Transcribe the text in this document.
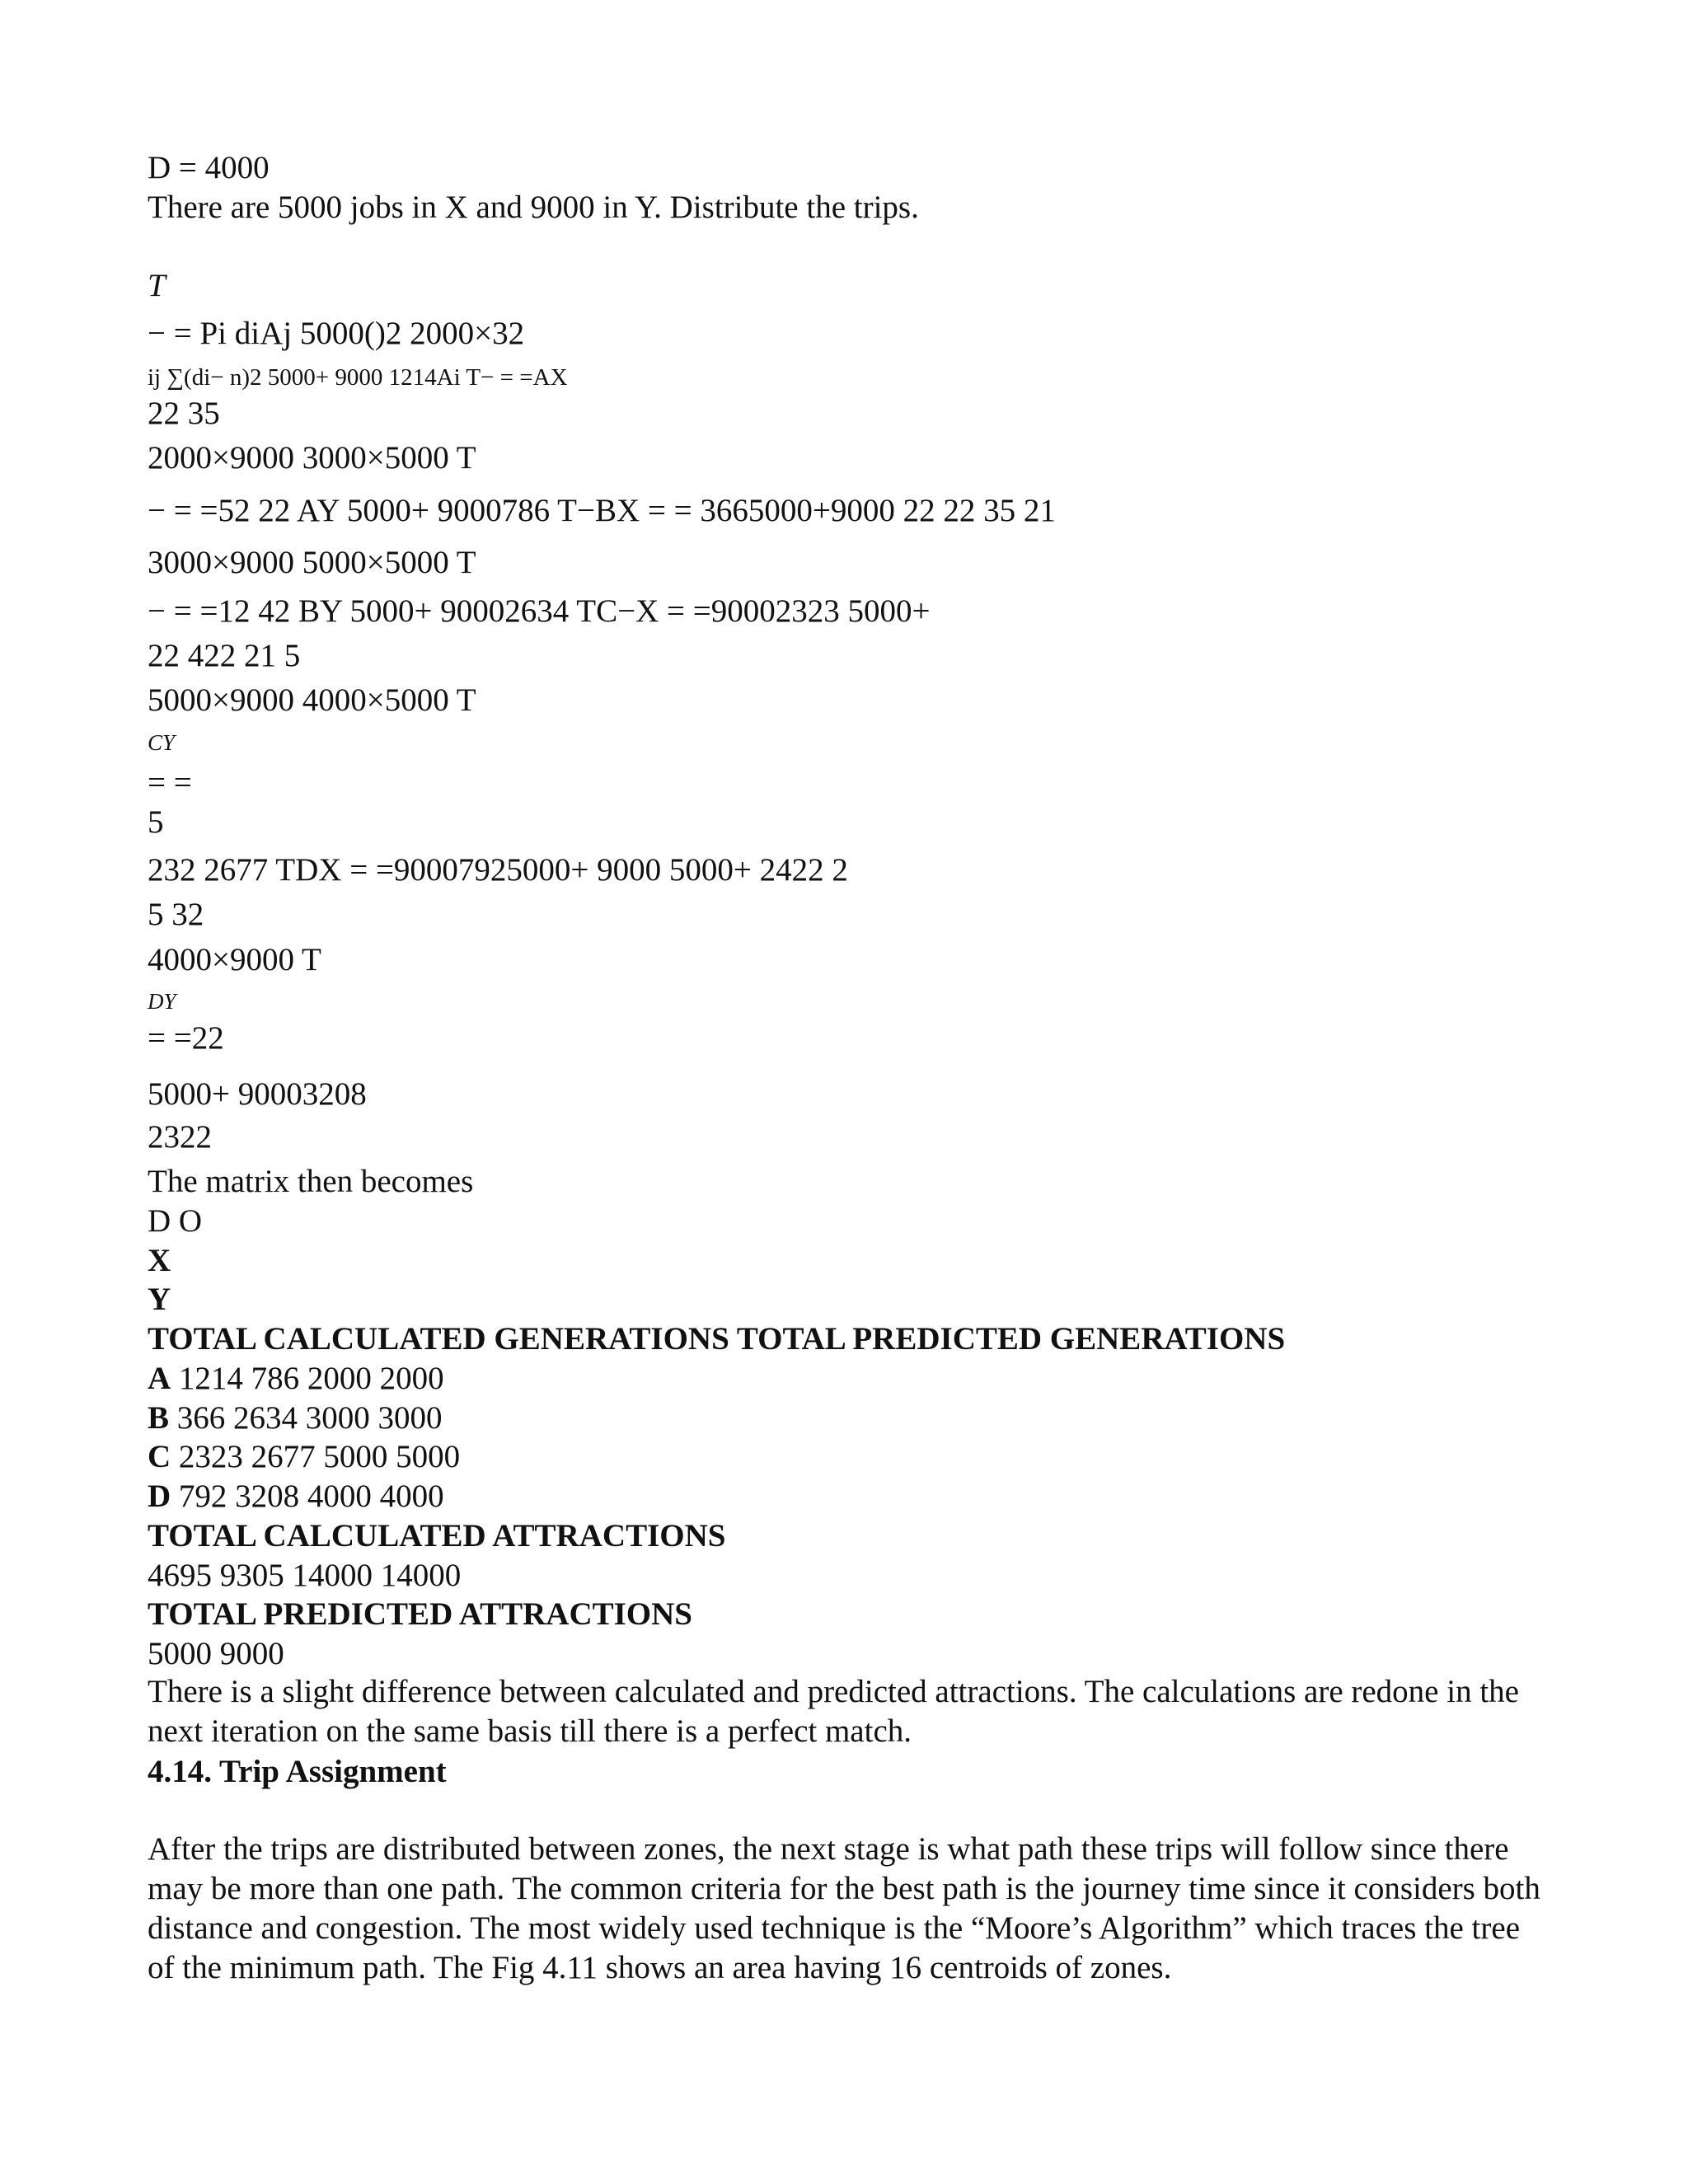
D = 4000
There are 5000 jobs in X and 9000 in Y. Distribute the trips.
T
− = Pi diAj 5000()2 2000×32
ij ∑(di− n)2 5000+ 9000 1214Ai T− = =AX
22 35
2000×9000 3000×5000 T
− = =52 22 AY 5000+ 9000786 T−BX = = 3665000+9000 22 22 35 21
3000×9000 5000×5000 T
− = =12 42 BY 5000+ 90002634 TC−X = =90002323 5000+
22 422 21 5
5000×9000 4000×5000 T
CY
= =
5
232 2677 TDX = =90007925000+ 9000 5000+ 2422 2
5 32
4000×9000 T
DY
= =22
5000+ 90003208
2322
The matrix then becomes
D O
X
Y
TOTAL CALCULATED GENERATIONS TOTAL PREDICTED GENERATIONS
A 1214 786 2000 2000
B 366 2634 3000 3000
C 2323 2677 5000 5000
D 792 3208 4000 4000
TOTAL CALCULATED ATTRACTIONS
4695 9305 14000 14000
TOTAL PREDICTED ATTRACTIONS
5000 9000
There is a slight difference between calculated and predicted attractions. The calculations are redone in the next iteration on the same basis till there is a perfect match.
4.14. Trip Assignment
After the trips are distributed between zones, the next stage is what path these trips will follow since there may be more than one path. The common criteria for the best path is the journey time since it considers both distance and congestion. The most widely used technique is the “Moore’s Algorithm” which traces the tree of the minimum path. The Fig 4.11 shows an area having 16 centroids of zones.
